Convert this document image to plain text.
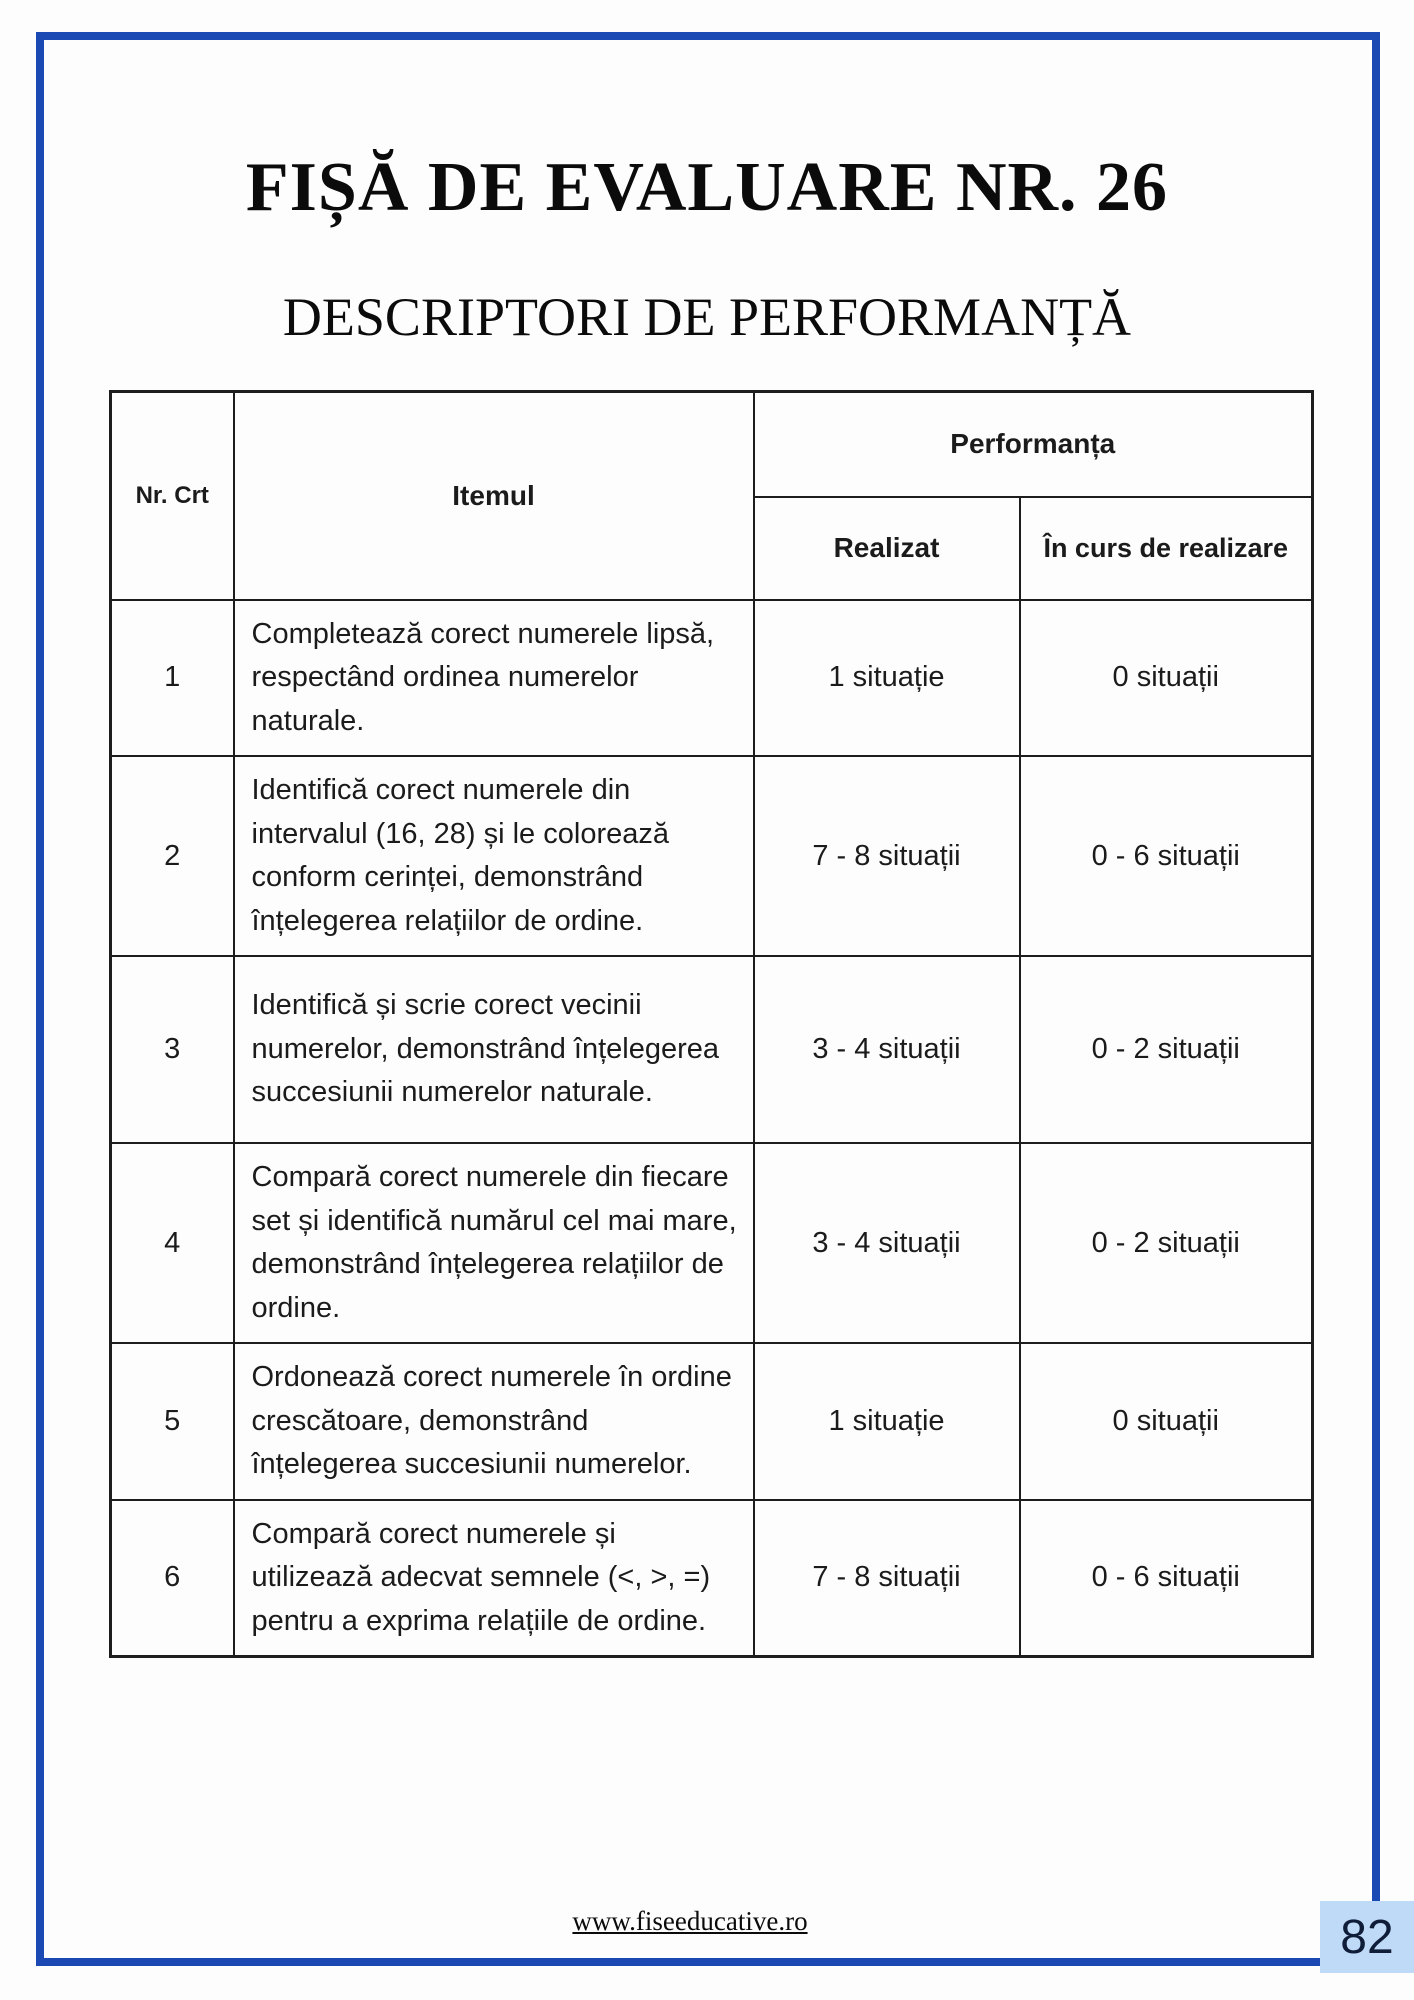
FIȘĂ DE EVALUARE NR. 26
DESCRIPTORI DE PERFORMANȚĂ
Nr. Crt	Itemul	Performanța	
		Realizat	În curs de realizare
1	Completează corect numerele lipsă, respectând ordinea numerelor naturale.	1 situație	0 situații
2	Identifică corect numerele din intervalul (16, 28) și le colorează conform cerinței, demonstrând înțelegerea relațiilor de ordine.	7 - 8 situații	0 - 6 situații
3	Identifică și scrie corect vecinii numerelor, demonstrând înțelegerea succesiunii numerelor naturale.	3 - 4 situații	0 - 2 situații
4	Compară corect numerele din fiecare set și identifică numărul cel mai mare, demonstrând înțelegerea relațiilor de ordine.	3 - 4 situații	0 - 2 situații
5	Ordonează corect numerele în ordine crescătoare, demonstrând înțelegerea succesiunii numerelor.	1 situație	0 situații
6	Compară corect numerele și utilizează adecvat semnele (<, >, =) pentru a exprima relațiile de ordine.	7 - 8 situații	0 - 6 situații
www.fiseeducative.ro	82
